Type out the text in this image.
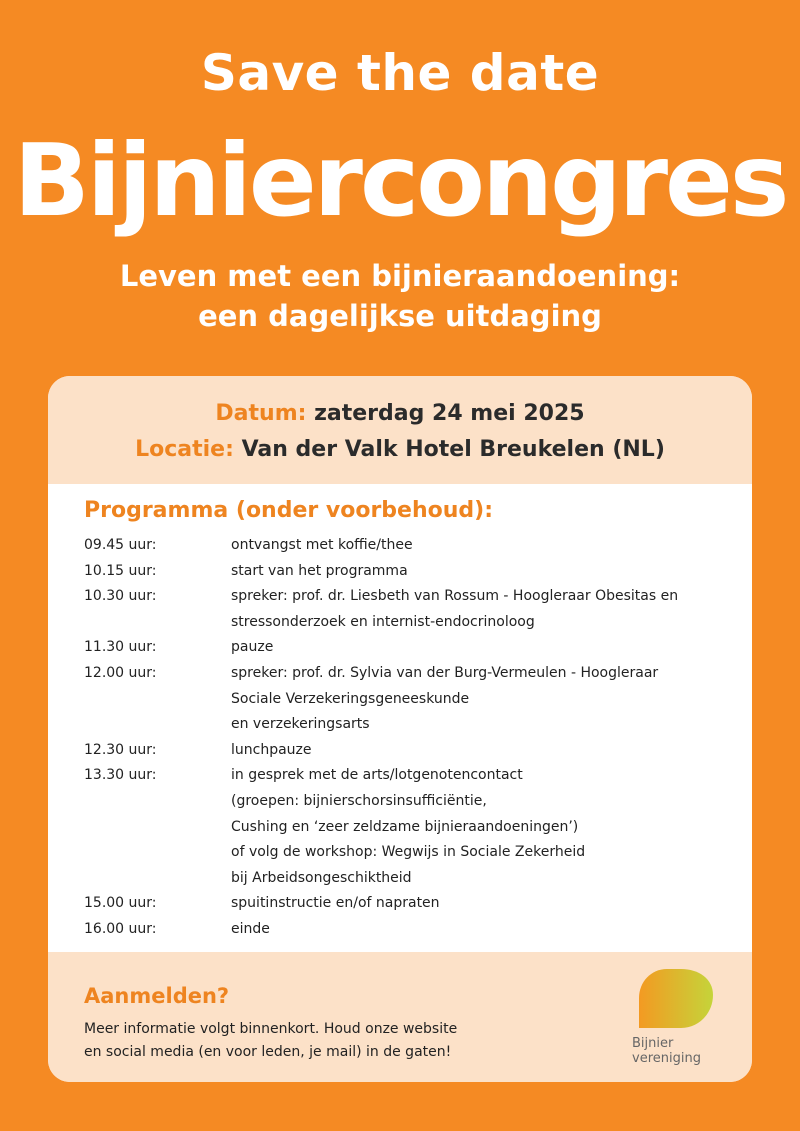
Save the date
Bijniercongres
Leven met een bijnieraandoening:
een dagelijkse uitdaging
Datum: zaterdag 24 mei 2025
Locatie: Van der Valk Hotel Breukelen (NL)
Programma (onder voorbehoud):
09.45 uur:	ontvangst met koffie/thee
10.15 uur:	start van het programma
10.30 uur:	spreker: prof. dr. Liesbeth van Rossum - Hoogleraar Obesitas en
stressonderzoek en internist-endocrinoloog
11.30 uur:	pauze
12.00 uur:	spreker: prof. dr. Sylvia van der Burg-Vermeulen - Hoogleraar
Sociale Verzekeringsgeneeskunde
en verzekeringsarts
12.30 uur:	lunchpauze
13.30 uur:	in gesprek met de arts/lotgenotencontact
(groepen: bijnierschorsinsufficiëntie,
Cushing en ‘zeer zeldzame bijnieraandoeningen’)
of volg de workshop: Wegwijs in Sociale Zekerheid
bij Arbeidsongeschiktheid
15.00 uur:	spuitinstructie en/of napraten
16.00 uur:	einde
Aanmelden?
Meer informatie volgt binnenkort. Houd onze website
en social media (en voor leden, je mail) in de gaten!
Bijnier
vereniging
